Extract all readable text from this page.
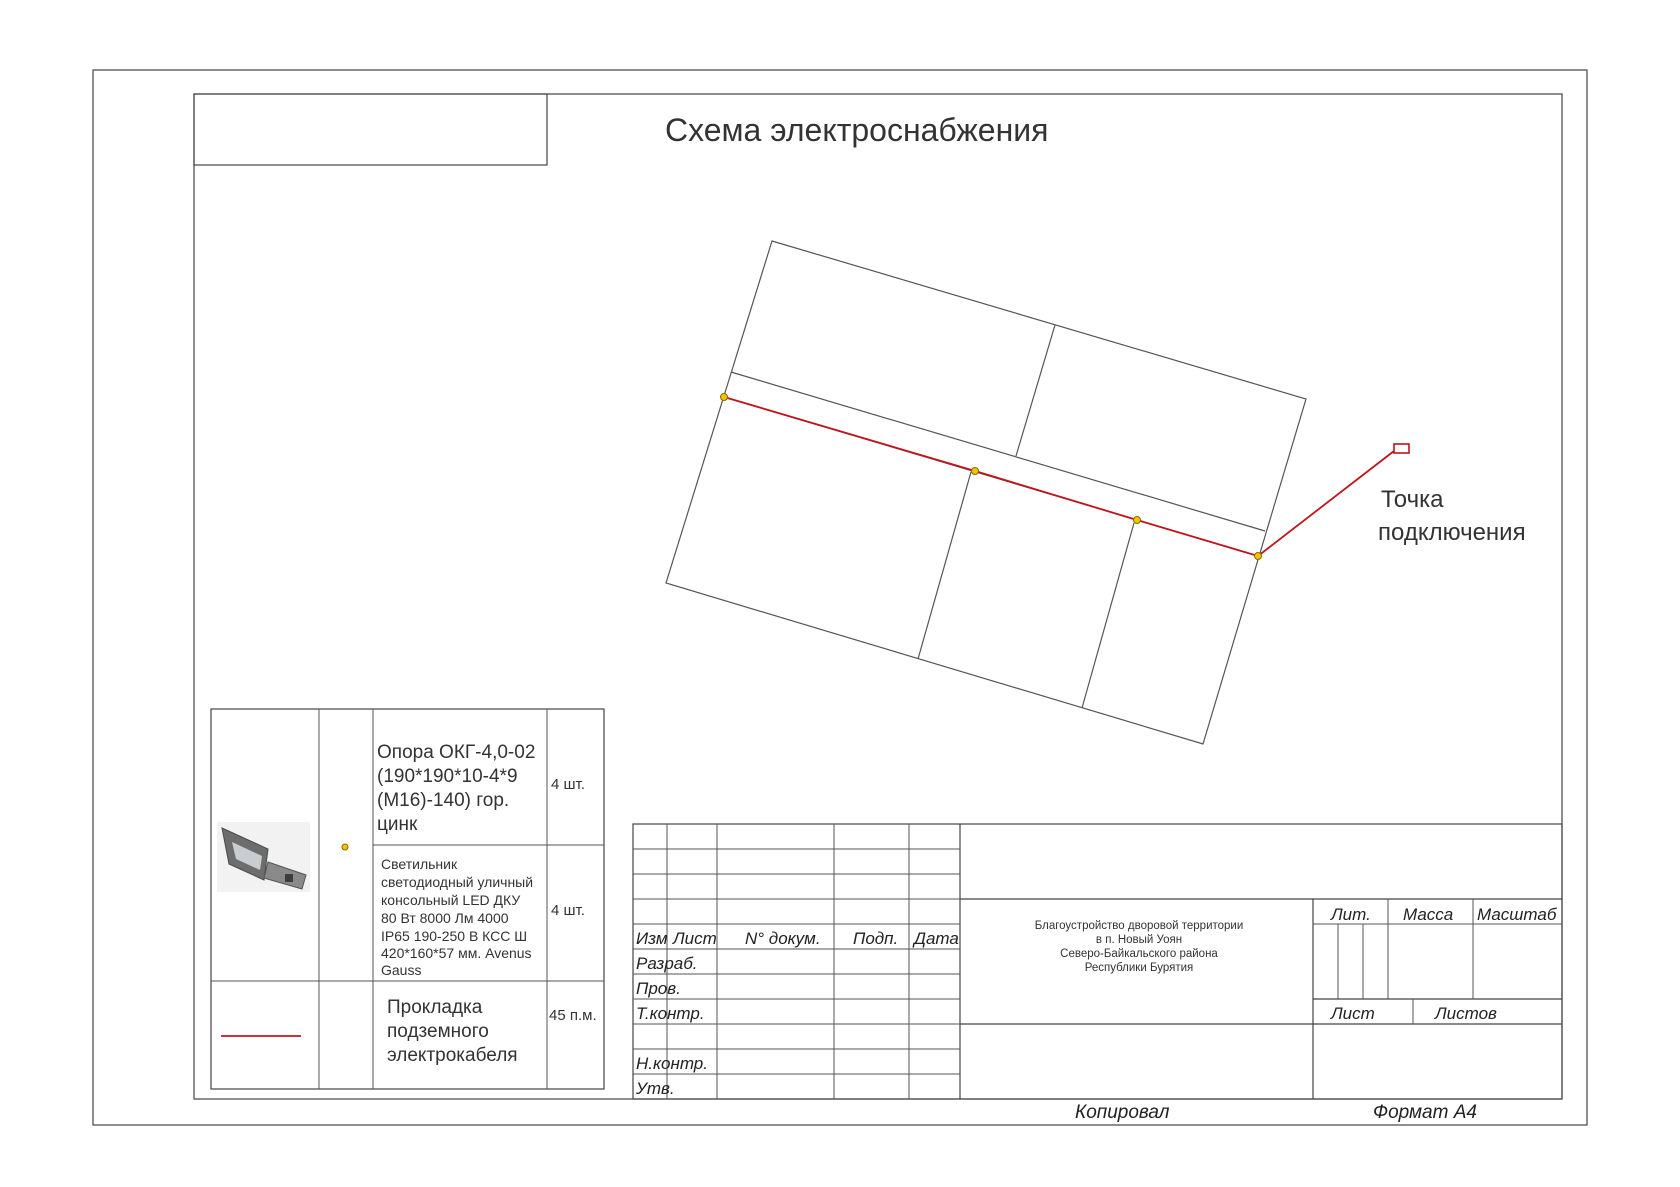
Схема электроснабжения
Точка
подключения
Опора ОКГ-4,0-02
(190*190*10-4*9
(М16)-140) гор.
цинк
4 шт.
Светильник
светодиодный уличный
консольный LED ДКУ
80 Вт 8000 Лм 4000
IP65 190-250 В КСС Ш
420*160*57 мм. Avenus
Gauss
4 шт.
Прокладка
подземного
электрокабеля
45 п.м.
Изм Лист N° докум. Подп. Дата
Разраб.
Пров.
Т.контр.
Н.контр.
Утв.
Благоустройство дворовой территории
в п. Новый Уоян
Северо-Байкальского района
Республики Бурятия
Лит. Масса Масштаб
Лист	Листов
Копировал	Формат А4
